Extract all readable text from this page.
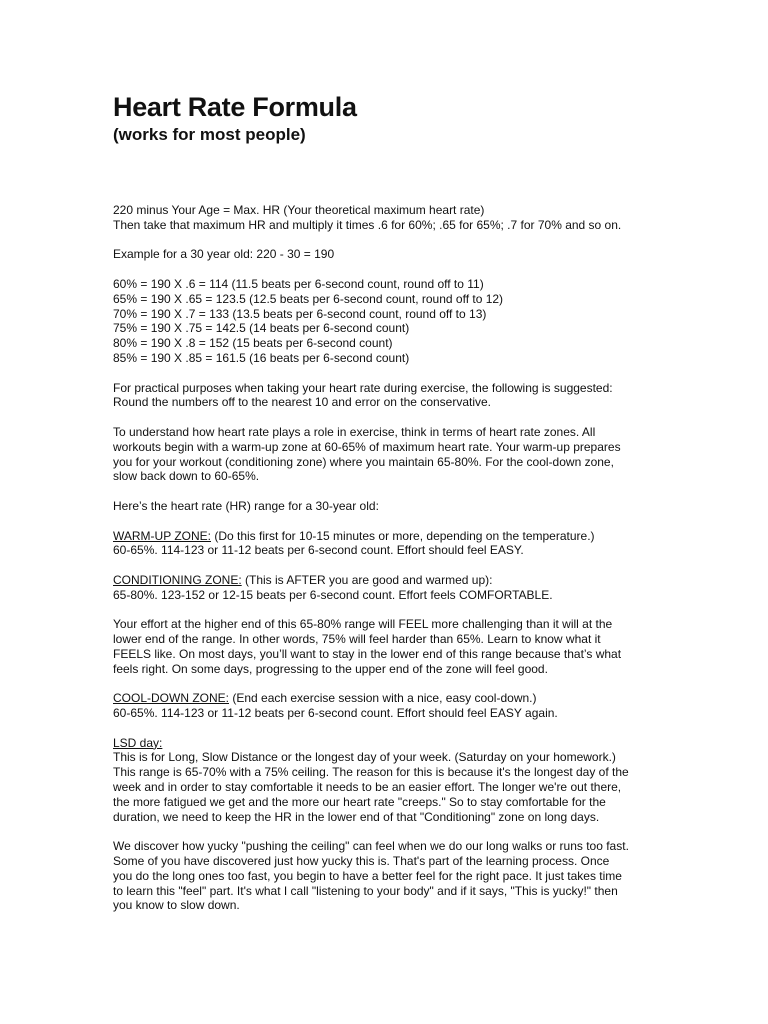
Heart Rate Formula
(works for most people)
220 minus Your Age = Max. HR (Your theoretical maximum heart rate)
Then take that maximum HR and multiply it times .6 for 60%; .65 for 65%; .7 for 70% and so on.
Example for a 30 year old: 220 - 30 = 190
60% = 190 X .6 = 114 (11.5 beats per 6-second count, round off to 11)
65% = 190 X .65 = 123.5 (12.5 beats per 6-second count, round off to 12)
70% = 190 X .7 = 133 (13.5 beats per 6-second count, round off to 13)
75% = 190 X .75 = 142.5 (14 beats per 6-second count)
80% = 190 X .8 = 152 (15 beats per 6-second count)
85% = 190 X .85 = 161.5 (16 beats per 6-second count)
For practical purposes when taking your heart rate during exercise, the following is suggested:
Round the numbers off to the nearest 10 and error on the conservative.
To understand how heart rate plays a role in exercise, think in terms of heart rate zones. All
workouts begin with a warm-up zone at 60-65% of maximum heart rate. Your warm-up prepares
you for your workout (conditioning zone) where you maintain 65-80%. For the cool-down zone,
slow back down to 60-65%.
Here’s the heart rate (HR) range for a 30-year old:
WARM-UP ZONE: (Do this first for 10-15 minutes or more, depending on the temperature.)
60-65%. 114-123 or 11-12 beats per 6-second count. Effort should feel EASY.
CONDITIONING ZONE: (This is AFTER you are good and warmed up):
65-80%. 123-152 or 12-15 beats per 6-second count. Effort feels COMFORTABLE.
Your effort at the higher end of this 65-80% range will FEEL more challenging than it will at the
lower end of the range. In other words, 75% will feel harder than 65%. Learn to know what it
FEELS like. On most days, you’ll want to stay in the lower end of this range because that’s what
feels right. On some days, progressing to the upper end of the zone will feel good.
COOL-DOWN ZONE: (End each exercise session with a nice, easy cool-down.)
60-65%. 114-123 or 11-12 beats per 6-second count. Effort should feel EASY again.
LSD day:
This is for Long, Slow Distance or the longest day of your week. (Saturday on your homework.)
This range is 65-70% with a 75% ceiling. The reason for this is because it's the longest day of the
week and in order to stay comfortable it needs to be an easier effort. The longer we're out there,
the more fatigued we get and the more our heart rate "creeps." So to stay comfortable for the
duration, we need to keep the HR in the lower end of that "Conditioning" zone on long days.
We discover how yucky "pushing the ceiling" can feel when we do our long walks or runs too fast.
Some of you have discovered just how yucky this is. That's part of the learning process. Once
you do the long ones too fast, you begin to have a better feel for the right pace. It just takes time
to learn this "feel" part. It's what I call "listening to your body" and if it says, "This is yucky!" then
you know to slow down.
